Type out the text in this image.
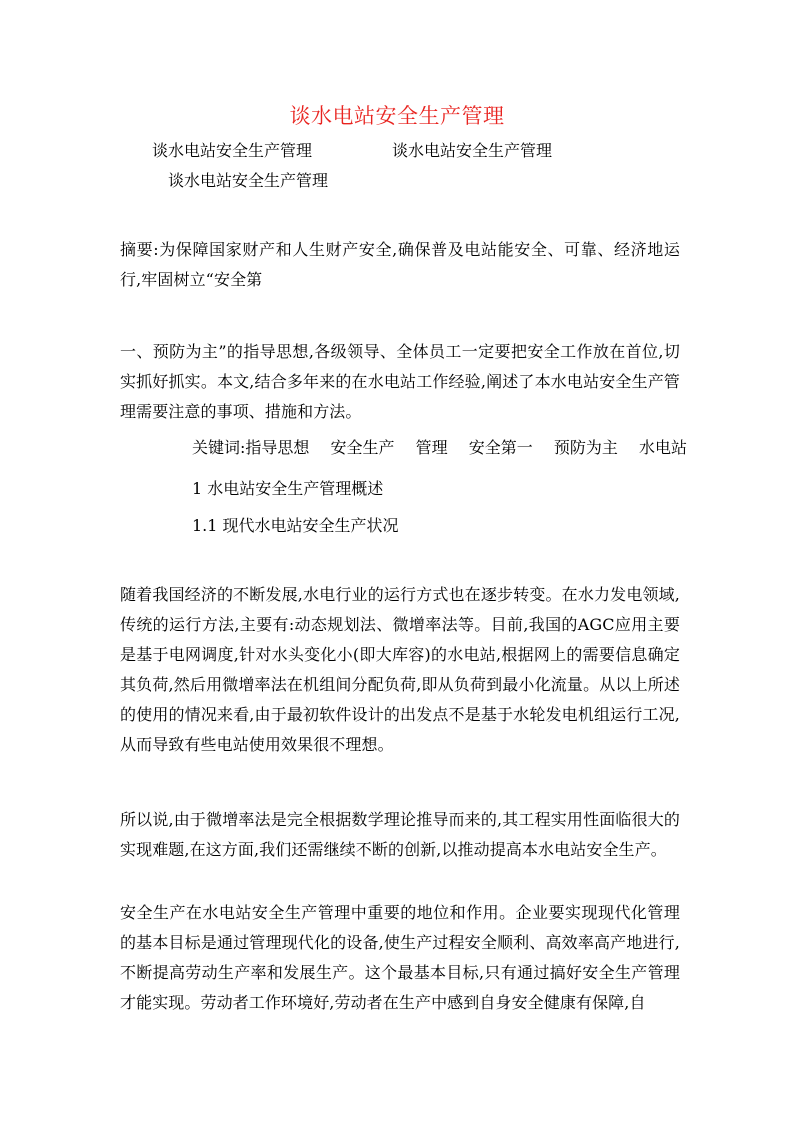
谈水电站安全生产管理
谈水电站安全生产管理	谈水电站安全生产管理
谈水电站安全生产管理
摘要:为保障国家财产和人生财产安全,确保普及电站能安全、可靠、经济地运行,牢固树立“安全第
一、预防为主”的指导思想,各级领导、全体员工一定要把安全工作放在首位,切实抓好抓实。本文,结合多年来的在水电站工作经验,阐述了本水电站安全生产管理需要注意的事项、措施和方法。
关键词:指导思想 安全生产 管理 安全第一 预防为主 水电站
1 水电站安全生产管理概述
1.1 现代水电站安全生产状况
随着我国经济的不断发展,水电行业的运行方式也在逐步转变。在水力发电领域,传统的运行方法,主要有:动态规划法、微增率法等。目前,我国的AGC应用主要是基于电网调度,针对水头变化小(即大库容)的水电站,根据网上的需要信息确定其负荷,然后用微增率法在机组间分配负荷,即从负荷到最小化流量。从以上所述的使用的情况来看,由于最初软件设计的出发点不是基于水轮发电机组运行工况,从而导致有些电站使用效果很不理想。
所以说,由于微增率法是完全根据数学理论推导而来的,其工程实用性面临很大的实现难题,在这方面,我们还需继续不断的创新,以推动提高本水电站安全生产。
安全生产在水电站安全生产管理中重要的地位和作用。企业要实现现代化管理的基本目标是通过管理现代化的设备,使生产过程安全顺利、高效率高产地进行,不断提高劳动生产率和发展生产。这个最基本目标,只有通过搞好安全生产管理才能实现。劳动者工作环境好,劳动者在生产中感到自身安全健康有保障,自
